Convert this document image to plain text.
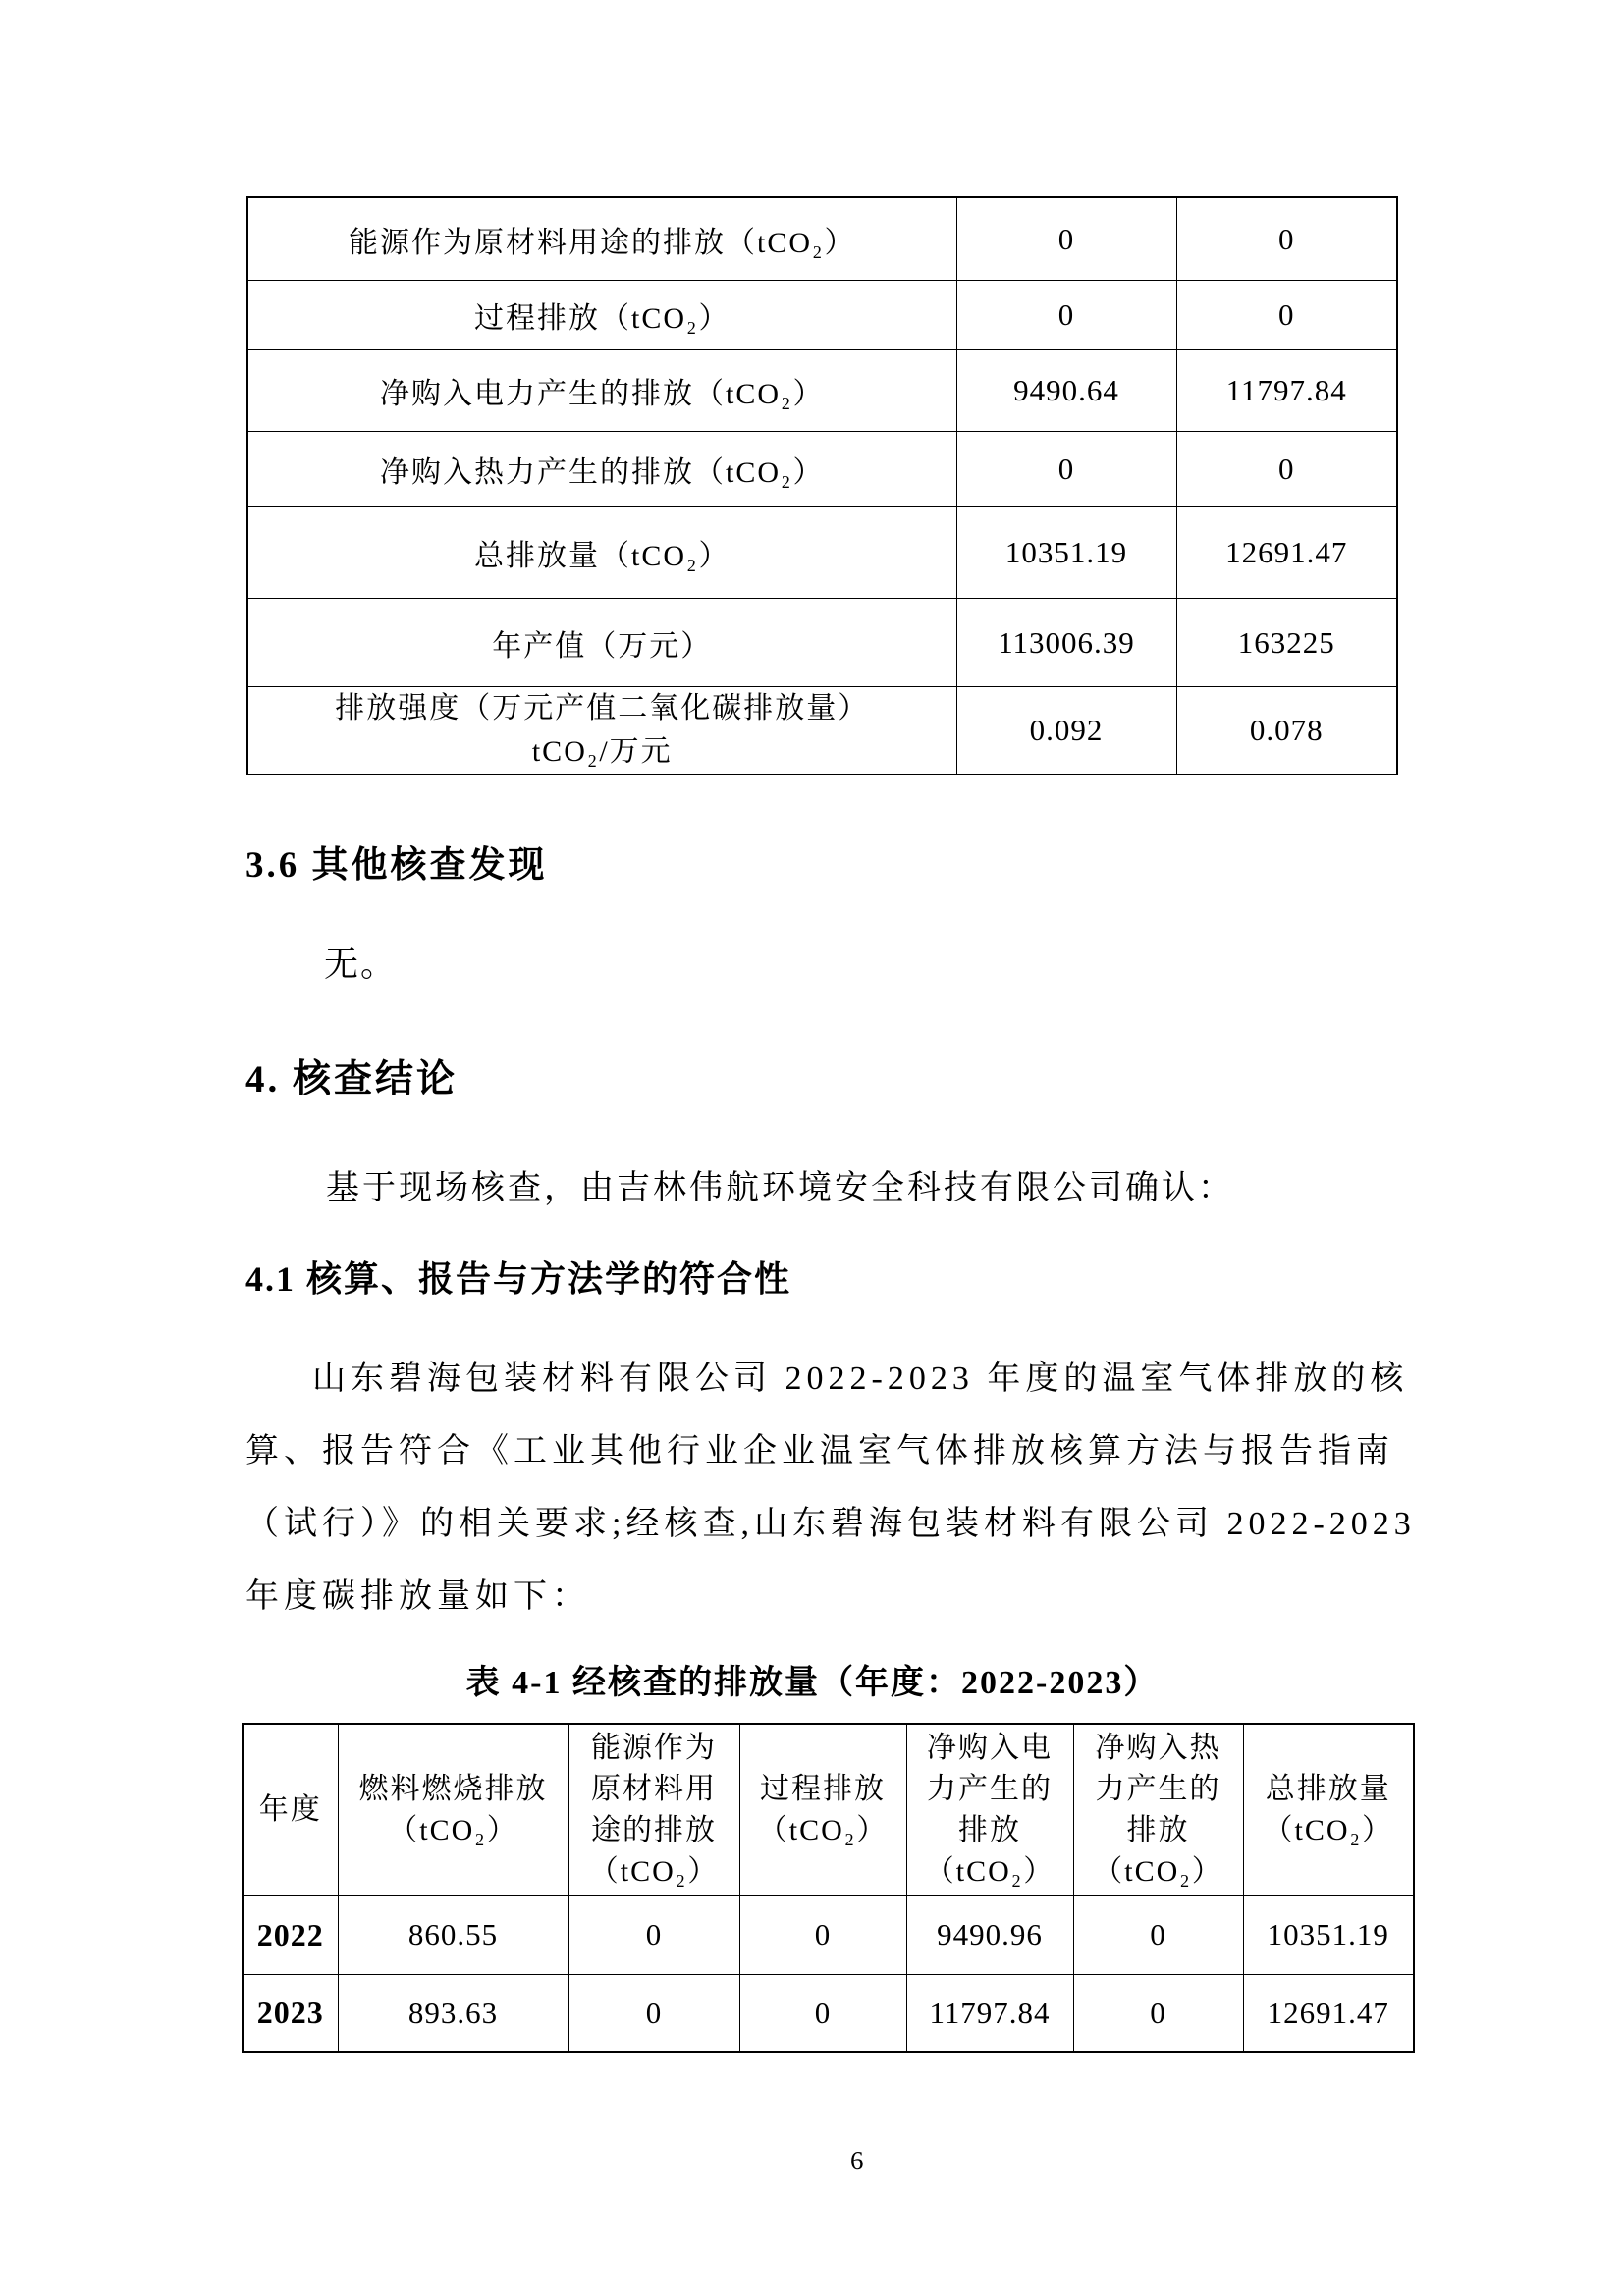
能源作为原材料用途的排放（tCO₂）	0	0
过程排放（tCO₂）	0	0
净购入电力产生的排放（tCO₂）	9490.64	11797.84
净购入热力产生的排放（tCO₂）	0	0
总排放量（tCO₂）	10351.19	12691.47
年产值（万元）	113006.39	163225

排放强度（万元产值二氧化碳排放量）
tCO₂/万元	0.092	0.078
3.6 其他核查发现
无。
4. 核查结论
基于现场核查，由吉林伟航环境安全科技有限公司确认：
4.1 核算、报告与方法学的符合性
山东碧海包装材料有限公司 2022-2023 年度的温室气体排放的核
算、报告符合《工业其他行业企业温室气体排放核算方法与报告指南
（试行）》的相关要求;经核查,山东碧海包装材料有限公司 2022-2023
年度碳排放量如下：
表 4-1 经核查的排放量（年度：2022-2023）
年度	燃料燃烧排放（tCO₂）	能源作为原材料用途的排放（tCO₂）	过程排放（tCO₂）	净购入电力产生的排放（tCO₂）	净购入热力产生的排放（tCO₂）	总排放量（tCO₂）
2022	860.55	0	0	9490.96	0	10351.19
2023	893.63	0	0	11797.84	0	12691.47
6
